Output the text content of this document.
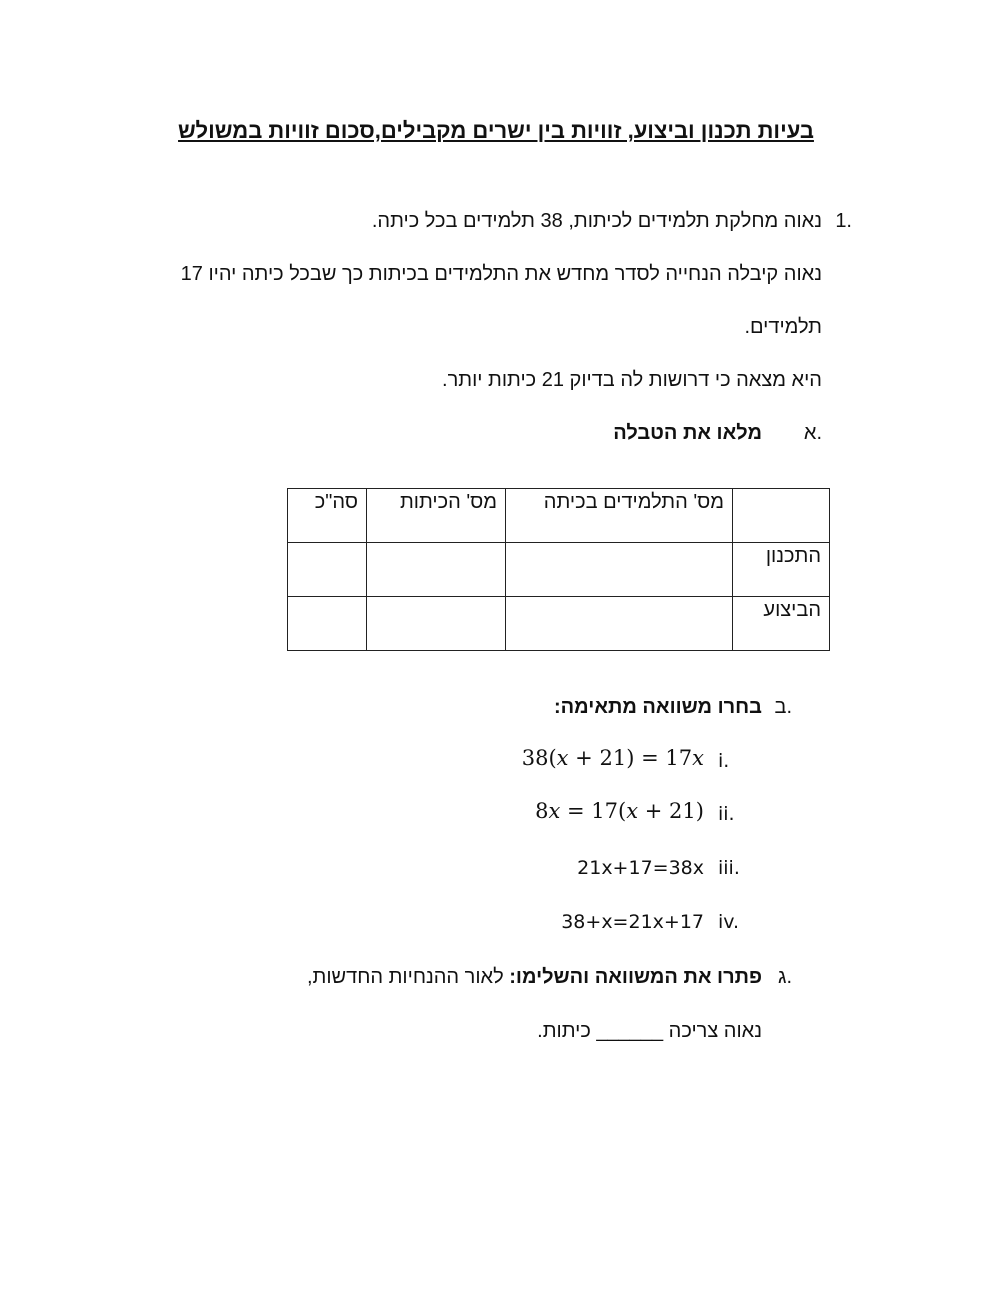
בעיות תכנון וביצוע, זוויות בין ישרים מקבילים,סכום זוויות במשולש
1.
נאוה מחלקת תלמידים לכיתות, 38 תלמידים בכל כיתה.
נאוה קיבלה הנחייה לסדר מחדש את התלמידים בכיתות כך שבכל כיתה יהיו 17
תלמידים.
היא מצאה כי דרושות לה בדיוק 21 כיתות יותר.
א.
מלאו את הטבלה
	מס' התלמידים בכיתה	מס' הכיתות	סה"כ
התכנון			
הביצוע			
ב.
בחרו משוואה מתאימה:
i.
38(x + 21) = 17x
ii.
8x = 17(x + 21)
iii.
21x+17=38x
iv.
38+x=21x+17
ג.
פתרו את המשוואה והשלימו: לאור ההנחיות החדשות,
נאוה צריכה ______ כיתות.
